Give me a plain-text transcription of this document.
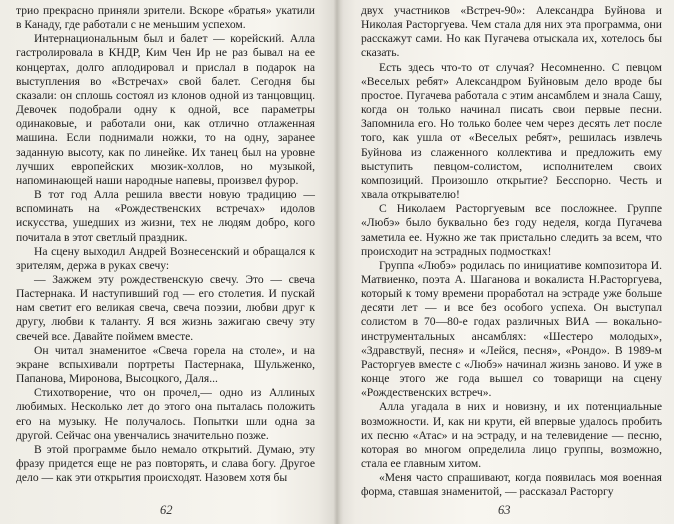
трио прекрасно приняли зрители. Вскоре «братья» укатили в Канаду, где работали с не меньшим успехом.

Интернациональным был и балет — корейский. Алла гастролировала в КНДР, Ким Чен Ир не раз бывал на ее концертах, долго аплодировал и прислал в подарок на выступления во «Встречах» свой балет. Сегодня бы сказали: он сплошь состоял из клонов одной из танцовщиц. Девочек подобрали одну к одной, все параметры одинаковые, и работали они, как отлично отлаженная машина. Если поднимали ножки, то на одну, заранее заданную высоту, как по линейке. Их танец был на уровне лучших европейских мюзик-холлов, но музыкой, напоминающей наши народные напевы, произвел фурор.

В тот год Алла решила ввести новую традицию — вспоминать на «Рождественских встречах» идолов искусства, ушедших из жизни, тех не людям добро, кого почитала в этот светлый праздник.

На сцену выходил Андрей Вознесенский и обращался к зрителям, держа в руках свечу:

— Зажжем эту рождественскую свечу. Это — свеча Пастернака. И наступивший год — его столетия. И пускай нам светит его великая свеча, свеча поэзии, любви друг к другу, любви к таланту. Я вся жизнь зажигаю свечу эту свечей все. Давайте поймем вместе.

Он читал знаменитое «Свеча горела на столе», и на экране вспыхивали портреты Пастернака, Шульженко, Папанова, Миронова, Высоцкого, Даля...

Стихотворение, что он прочел,— одно из Аллиных любимых. Несколько лет до этого она пыталась положить его на музыку. Не получалось. Попытки шли одна за другой. Сейчас она увенчались значительно позже.

В этой программе было немало открытий. Думаю, эту фразу придется еще не раз повторять, и слава богу. Другое дело — как эти открытия происходят. Назовем хотя бы

62

двух участников «Встреч-90»: Александра Буйнова и Николая Расторгуева. Чем стала для них эта программа, они расскажут сами. Но как Пугачева отыскала их, хотелось бы сказать.

Есть здесь что-то от случая? Несомненно. С певцом «Веселых ребят» Александром Буйновым дело вроде бы простое. Пугачева работала с этим ансамблем и знала Сашу, когда он только начинал писать свои первые песни. Запомнила его. Но только более чем через десять лет после того, как ушла от «Веселых ребят», решилась извлечь Буйнова из слаженного коллектива и предложить ему выступить певцом-солистом, исполнителем своих композиций. Произошло открытие? Бесспорно. Честь и хвала открывателю!

С Николаем Расторгуевым все посложнее. Группе «Любэ» было буквально без году неделя, когда Пугачева заметила ее. Нужно же так пристально следить за всем, что происходит на эстрадных подмостках!

Группа «Любэ» родилась по инициативе композитора И. Матвиенко, поэта А. Шаганова и вокалиста Н.Расторгуева, который к тому времени проработал на эстраде уже больше десяти лет — и все без особого успеха. Он выступал солистом в 70—80-е годах различных ВИА — вокально-инструментальных ансамблях: «Шестеро молодых», «Здравствуй, песня» и «Лейся, песня», «Рондо». В 1989-м Расторгуев вместе с «Любэ» начинал жизнь заново. И уже в конце этого же года вышел со товарищи на сцену «Рождественских встреч».

Алла угадала в них и новизну, и их потенциальные возможности. И, как ни крути, ей впервые удалось пробить их песню «Атас» и на эстраду, и на телевидение — песню, которая во многом определила лицо группы, возможно, стала ее главным хитом.

«Меня часто спрашивают, когда появилась моя военная форма, ставшая знаменитой, — рассказал Расторгу

63
